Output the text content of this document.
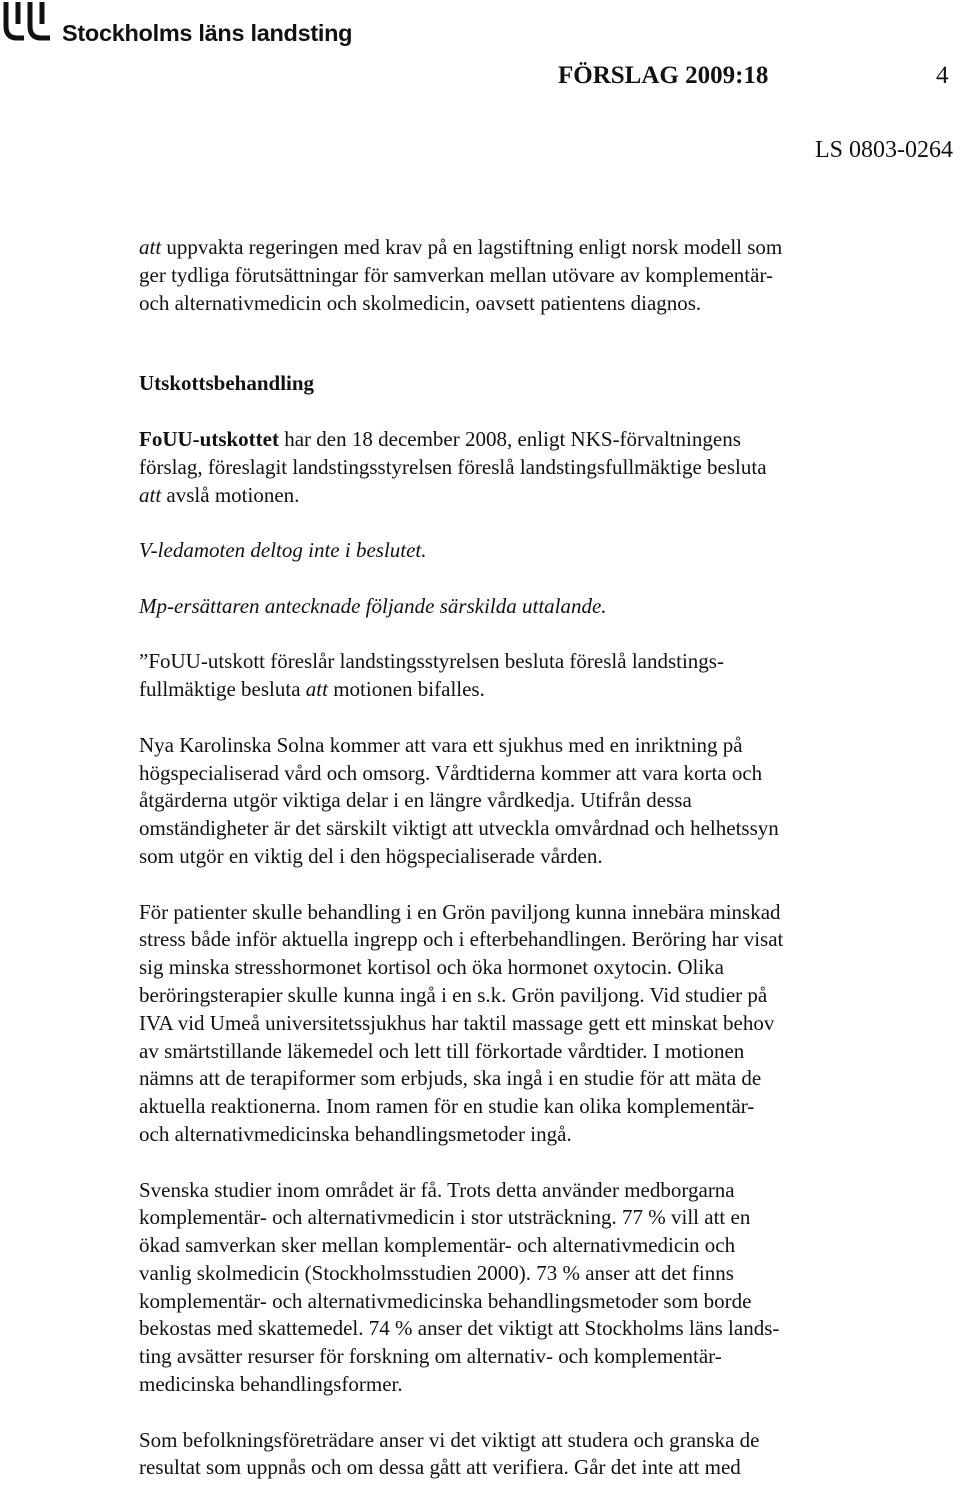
Stockholms läns landsting
FÖRSLAG 2009:18	4
LS 0803-0264

att uppvakta regeringen med krav på en lagstiftning enligt norsk modell som
ger tydliga förutsättningar för samverkan mellan utövare av komplementär-
och alternativmedicin och skolmedicin, oavsett patientens diagnos.

Utskottsbehandling

FoUU-utskottet har den 18 december 2008, enligt NKS-förvaltningens
förslag, föreslagit landstingsstyrelsen föreslå landstingsfullmäktige besluta
att avslå motionen.

V-ledamoten deltog inte i beslutet.

Mp-ersättaren antecknade följande särskilda uttalande.

”FoUU-utskott föreslår landstingsstyrelsen besluta föreslå landstings-
fullmäktige besluta att motionen bifalles.

Nya Karolinska Solna kommer att vara ett sjukhus med en inriktning på
högspecialiserad vård och omsorg. Vårdtiderna kommer att vara korta och
åtgärderna utgör viktiga delar i en längre vårdkedja. Utifrån dessa
omständigheter är det särskilt viktigt att utveckla omvårdnad och helhetssyn
som utgör en viktig del i den högspecialiserade vården.

För patienter skulle behandling i en Grön paviljong kunna innebära minskad
stress både inför aktuella ingrepp och i efterbehandlingen. Beröring har visat
sig minska stresshormonet kortisol och öka hormonet oxytocin. Olika
beröringsterapier skulle kunna ingå i en s.k. Grön paviljong. Vid studier på
IVA vid Umeå universitetssjukhus har taktil massage gett ett minskat behov
av smärtstillande läkemedel och lett till förkortade vårdtider. I motionen
nämns att de terapiformer som erbjuds, ska ingå i en studie för att mäta de
aktuella reaktionerna. Inom ramen för en studie kan olika komplementär-
och alternativmedicinska behandlingsmetoder ingå.

Svenska studier inom området är få. Trots detta använder medborgarna
komplementär- och alternativmedicin i stor utsträckning. 77 % vill att en
ökad samverkan sker mellan komplementär- och alternativmedicin och
vanlig skolmedicin (Stockholmsstudien 2000). 73 % anser att det finns
komplementär- och alternativmedicinska behandlingsmetoder som borde
bekostas med skattemedel. 74 % anser det viktigt att Stockholms läns lands-
ting avsätter resurser för forskning om alternativ- och komplementär-
medicinska behandlingsformer.

Som befolkningsföreträdare anser vi det viktigt att studera och granska de
resultat som uppnås och om dessa gått att verifiera. Går det inte att med
